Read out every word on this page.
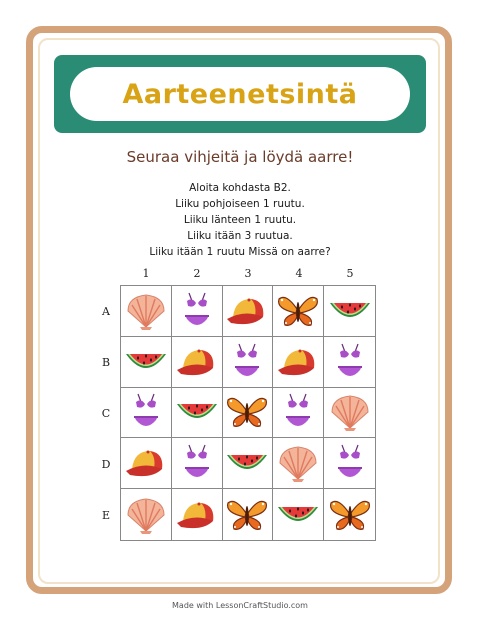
Aarteenetsintä
Seuraa vihjeitä ja löydä aarre!
Aloita kohdasta B2.
Liiku pohjoiseen 1 ruutu.
Liiku länteen 1 ruutu.
Liiku itään 3 ruutua.
Liiku itään 1 ruutu Missä on aarre?
1	2	3	4	5
A
B
C
D
E
Made with LessonCraftStudio.com
